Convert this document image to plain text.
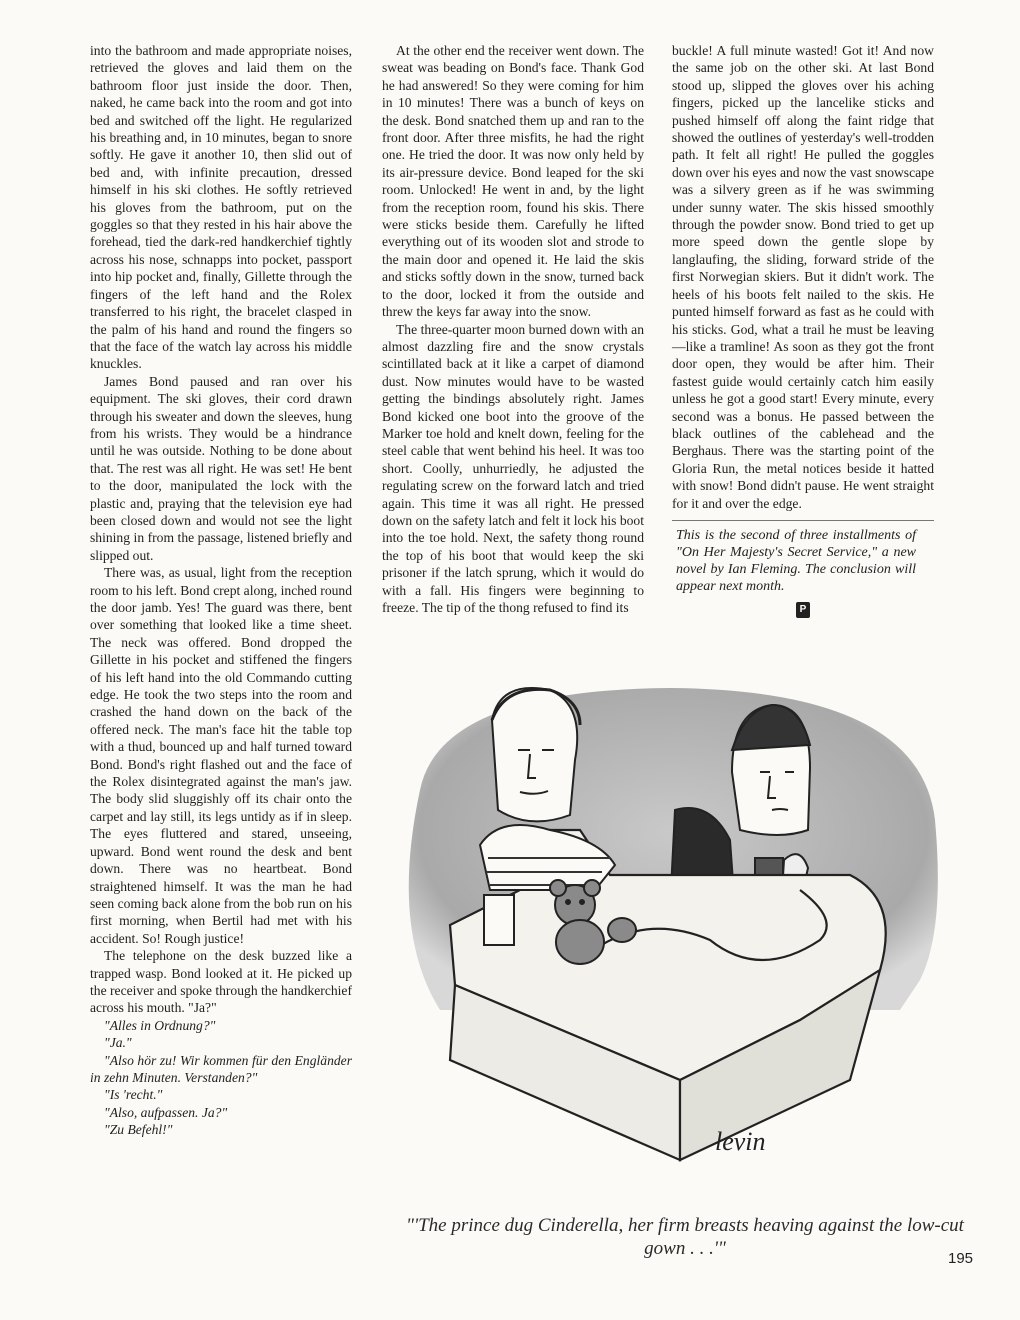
into the bathroom and made appropriate noises, retrieved the gloves and laid them on the bathroom floor just inside the door. Then, naked, he came back into the room and got into bed and switched off the light. He regularized his breathing and, in 10 minutes, began to snore softly. He gave it another 10, then slid out of bed and, with infinite precaution, dressed himself in his ski clothes. He softly retrieved his gloves from the bathroom, put on the goggles so that they rested in his hair above the forehead, tied the dark-red handkerchief tightly across his nose, schnapps into pocket, passport into hip pocket and, finally, Gillette through the fingers of the left hand and the Rolex transferred to his right, the bracelet clasped in the palm of his hand and round the fingers so that the face of the watch lay across his middle knuckles.

James Bond paused and ran over his equipment. The ski gloves, their cord drawn through his sweater and down the sleeves, hung from his wrists. They would be a hindrance until he was outside. Nothing to be done about that. The rest was all right. He was set! He bent to the door, manipulated the lock with the plastic and, praying that the television eye had been closed down and would not see the light shining in from the passage, listened briefly and slipped out.

There was, as usual, light from the reception room to his left. Bond crept along, inched round the door jamb. Yes! The guard was there, bent over something that looked like a time sheet. The neck was offered. Bond dropped the Gillette in his pocket and stiffened the fingers of his left hand into the old Commando cutting edge. He took the two steps into the room and crashed the hand down on the back of the offered neck. The man's face hit the table top with a thud, bounced up and half turned toward Bond. Bond's right flashed out and the face of the Rolex disintegrated against the man's jaw. The body slid sluggishly off its chair onto the carpet and lay still, its legs untidy as if in sleep. The eyes fluttered and stared, unseeing, upward. Bond went round the desk and bent down. There was no heartbeat. Bond straightened himself. It was the man he had seen coming back alone from the bob run on his first morning, when Bertil had met with his accident. So! Rough justice!

The telephone on the desk buzzed like a trapped wasp. Bond looked at it. He picked up the receiver and spoke through the handkerchief across his mouth. "Ja?"

"Alles in Ordnung?"

"Ja."

"Also hör zu! Wir kommen für den Engländer in zehn Minuten. Verstanden?"

"Is 'recht."

"Also, aufpassen. Ja?"

"Zu Befehl!"

At the other end the receiver went down. The sweat was beading on Bond's face. Thank God he had answered! So they were coming for him in 10 minutes! There was a bunch of keys on the desk. Bond snatched them up and ran to the front door. After three misfits, he had the right one. He tried the door. It was now only held by its air-pressure device. Bond leaped for the ski room. Unlocked! He went in and, by the light from the reception room, found his skis. There were sticks beside them. Carefully he lifted everything out of its wooden slot and strode to the main door and opened it. He laid the skis and sticks softly down in the snow, turned back to the door, locked it from the outside and threw the keys far away into the snow.

The three-quarter moon burned down with an almost dazzling fire and the snow crystals scintillated back at it like a carpet of diamond dust. Now minutes would have to be wasted getting the bindings absolutely right. James Bond kicked one boot into the groove of the Marker toe hold and knelt down, feeling for the steel cable that went behind his heel. It was too short. Coolly, unhurriedly, he adjusted the regulating screw on the forward latch and tried again. This time it was all right. He pressed down on the safety latch and felt it lock his boot into the toe hold. Next, the safety thong round the top of his boot that would keep the ski prisoner if the latch sprung, which it would do with a fall. His fingers were beginning to freeze. The tip of the thong refused to find its

buckle! A full minute wasted! Got it! And now the same job on the other ski. At last Bond stood up, slipped the gloves over his aching fingers, picked up the lancelike sticks and pushed himself off along the faint ridge that showed the outlines of yesterday's well-trodden path. It felt all right! He pulled the goggles down over his eyes and now the vast snowscape was a silvery green as if he was swimming under sunny water. The skis hissed smoothly through the powder snow. Bond tried to get up more speed down the gentle slope by langlaufing, the sliding, forward stride of the first Norwegian skiers. But it didn't work. The heels of his boots felt nailed to the skis. He punted himself forward as fast as he could with his sticks. God, what a trail he must be leaving—like a tramline! As soon as they got the front door open, they would be after him. Their fastest guide would certainly catch him easily unless he got a good start! Every minute, every second was a bonus. He passed between the black outlines of the cablehead and the Berghaus. There was the starting point of the Gloria Run, the metal notices beside it hatted with snow! Bond didn't pause. He went straight for it and over the edge.

This is the second of three installments of "On Her Majesty's Secret Service," a new novel by Ian Fleming. The conclusion will appear next month.
P
levin
"'The prince dug Cinderella, her firm breasts heaving against the low-cut gown . . .'"	195
